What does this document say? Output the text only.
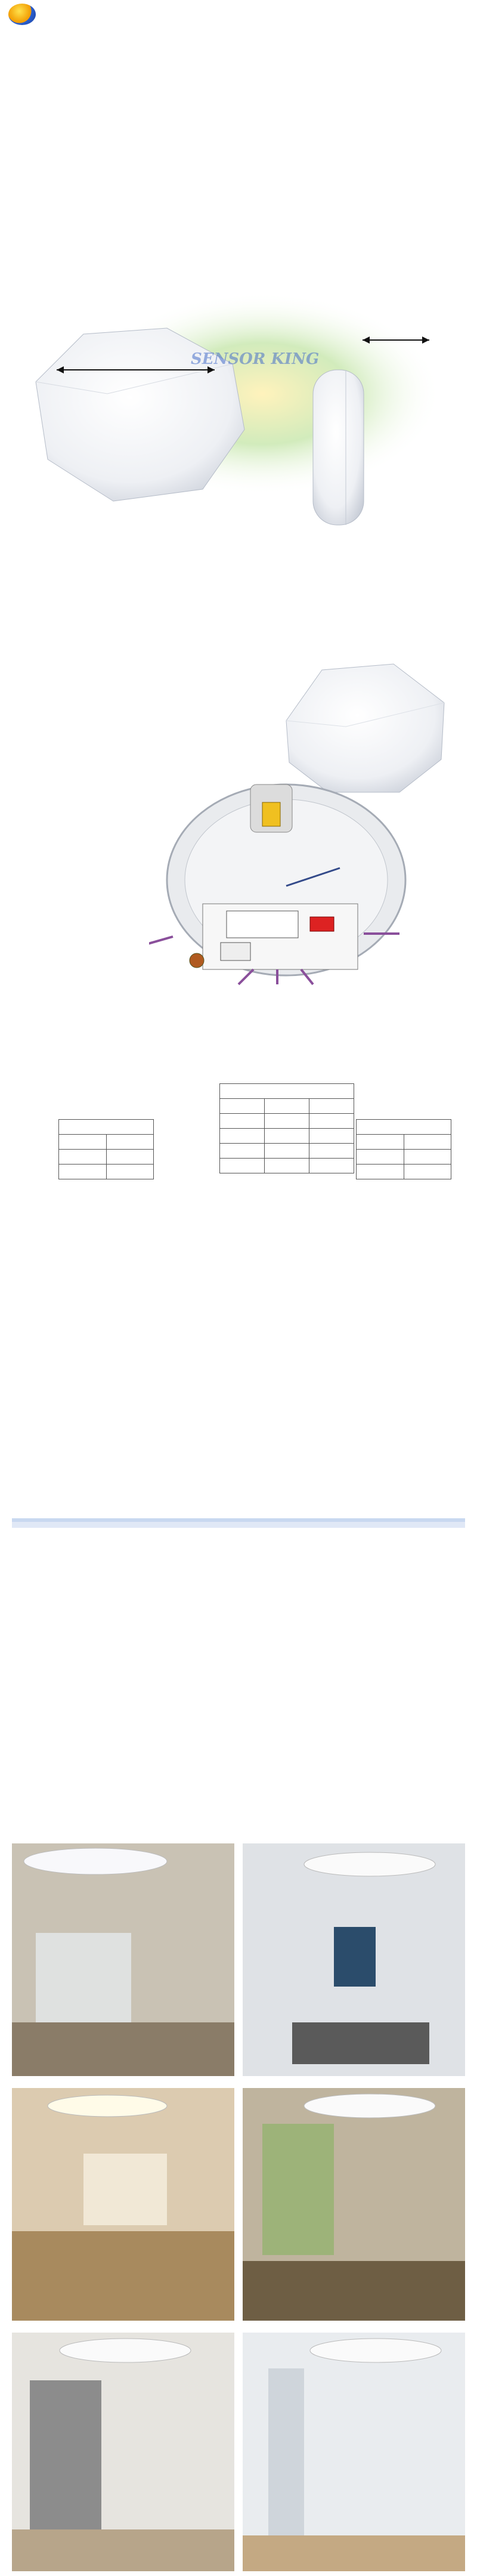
SENSOR KING
